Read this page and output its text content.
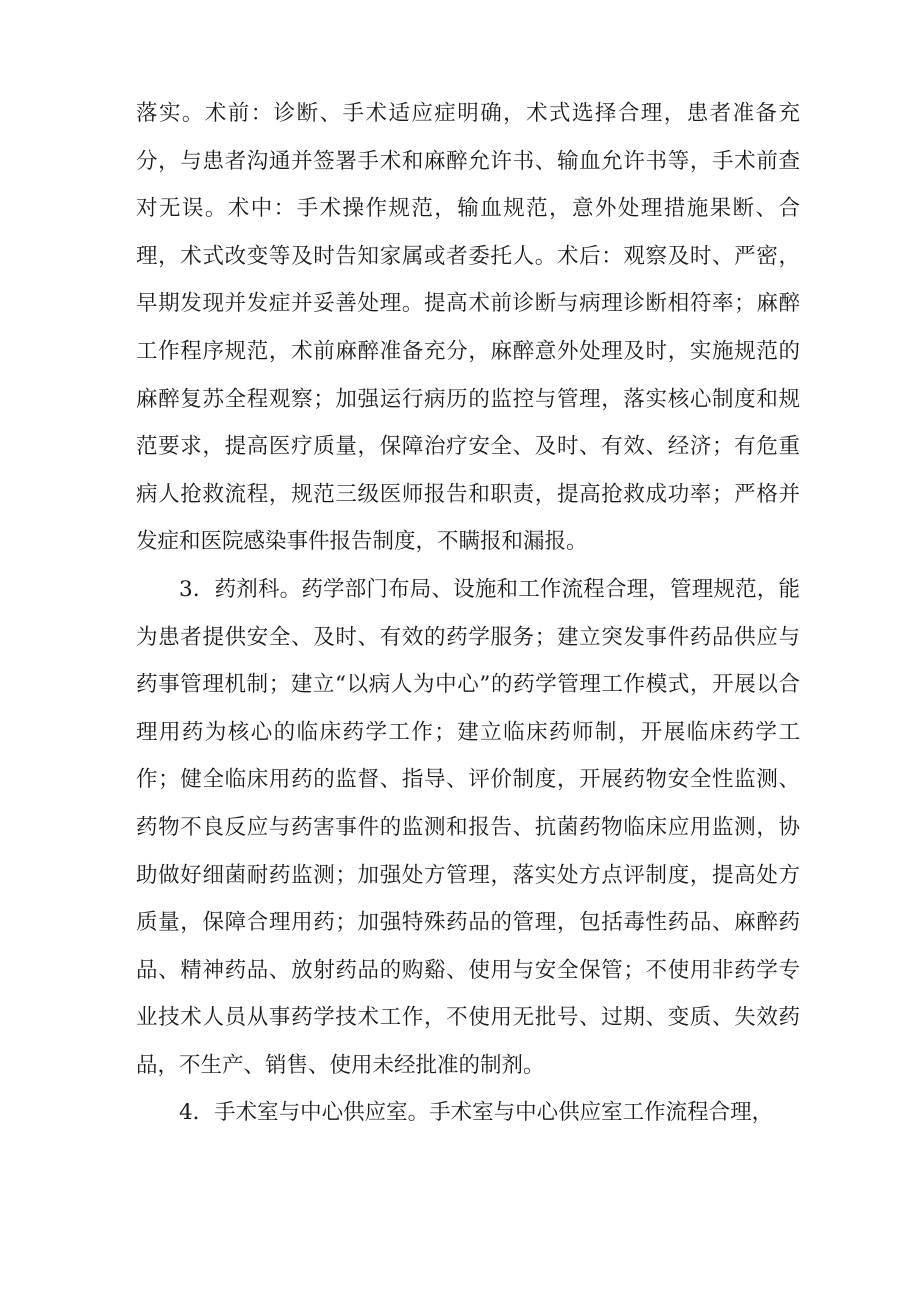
落实。术前：诊断、手术适应症明确，术式选择合理，患者准备充分，与患者沟通并签署手术和麻醉允许书、输血允许书等，手术前查对无误。术中：手术操作规范，输血规范，意外处理措施果断、合理，术式改变等及时告知家属或者委托人。术后：观察及时、严密，早期发现并发症并妥善处理。提高术前诊断与病理诊断相符率；麻醉工作程序规范，术前麻醉准备充分，麻醉意外处理及时，实施规范的麻醉复苏全程观察；加强运行病历的监控与管理，落实核心制度和规范要求，提高医疗质量，保障治疗安全、及时、有效、经济；有危重病人抢救流程，规范三级医师报告和职责，提高抢救成功率；严格并发症和医院感染事件报告制度，不瞒报和漏报。

3．药剂科。药学部门布局、设施和工作流程合理，管理规范，能为患者提供安全、及时、有效的药学服务；建立突发事件药品供应与药事管理机制；建立“以病人为中心”的药学管理工作模式，开展以合理用药为核心的临床药学工作；建立临床药师制，开展临床药学工作；健全临床用药的监督、指导、评价制度，开展药物安全性监测、药物不良反应与药害事件的监测和报告、抗菌药物临床应用监测，协助做好细菌耐药监测；加强处方管理，落实处方点评制度，提高处方质量，保障合理用药；加强特殊药品的管理，包括毒性药品、麻醉药品、精神药品、放射药品的购谿、使用与安全保管；不使用非药学专业技术人员从事药学技术工作，不使用无批号、过期、变质、失效药品，不生产、销售、使用未经批准的制剂。

4．手术室与中心供应室。手术室与中心供应室工作流程合理，
